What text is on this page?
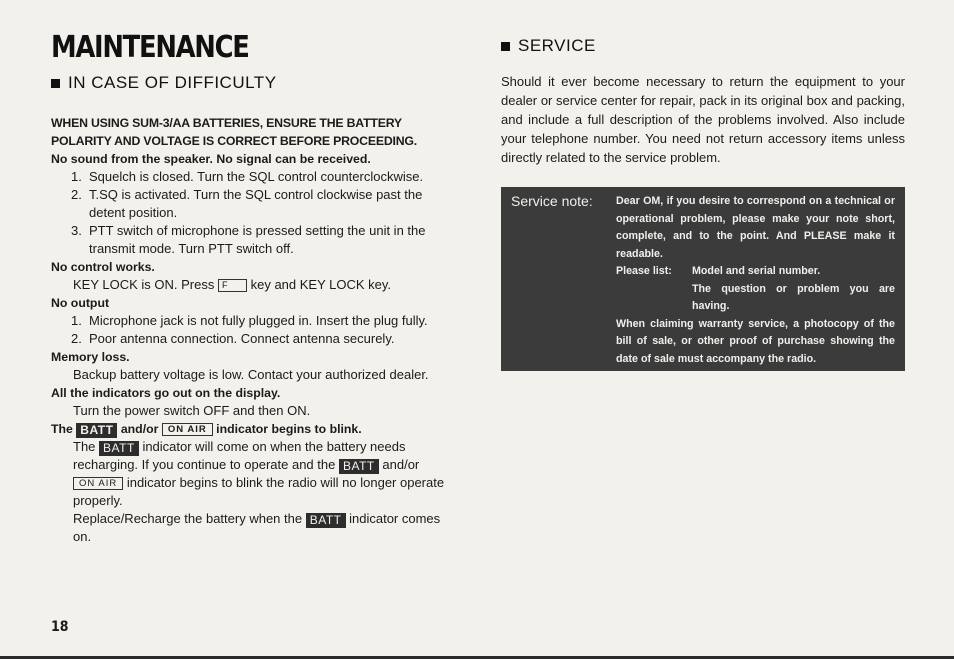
MAINTENANCE
IN CASE OF DIFFICULTY
WHEN USING SUM-3/AA BATTERIES, ENSURE THE BATTERY
POLARITY AND VOLTAGE IS CORRECT BEFORE PROCEEDING.

No sound from the speaker. No signal can be received.

1. Squelch is closed. Turn the SQL control counterclockwise.
2. T.SQ is activated. Turn the SQL control clockwise past the detent position.
3. PTT switch of microphone is pressed setting the unit in the transmit mode. Turn PTT switch off.

No control works.

KEY LOCK is ON. Press F key and KEY LOCK key.

No output

1. Microphone jack is not fully plugged in. Insert the plug fully.
2. Poor antenna connection. Connect antenna securely.

Memory loss.

Backup battery voltage is low. Contact your authorized dealer.

All the indicators go out on the display.

Turn the power switch OFF and then ON.

The BATT and/or ON AIR indicator begins to blink.

The BATT indicator will come on when the battery needs recharging. If you continue to operate and the BATT and/or ON AIR indicator begins to blink the radio will no longer operate properly.
Replace/Recharge the battery when the BATT indicator comes on.
SERVICE
Should it ever become necessary to return the equipment to your dealer or service center for repair, pack in its original box and packing, and include a full description of the problems involved. Also include your telephone number. You need not return accessory items unless directly related to the service problem.
Service note:	Dear OM, if you desire to correspond on a technical or operational problem, please make your note short, complete, and to the point. And PLEASE make it readable.

Please list:	Model and serial number.
The question or problem you are having.

When claiming warranty service, a photocopy of the bill of sale, or other proof of purchase showing the date of sale must accompany the radio.

18
